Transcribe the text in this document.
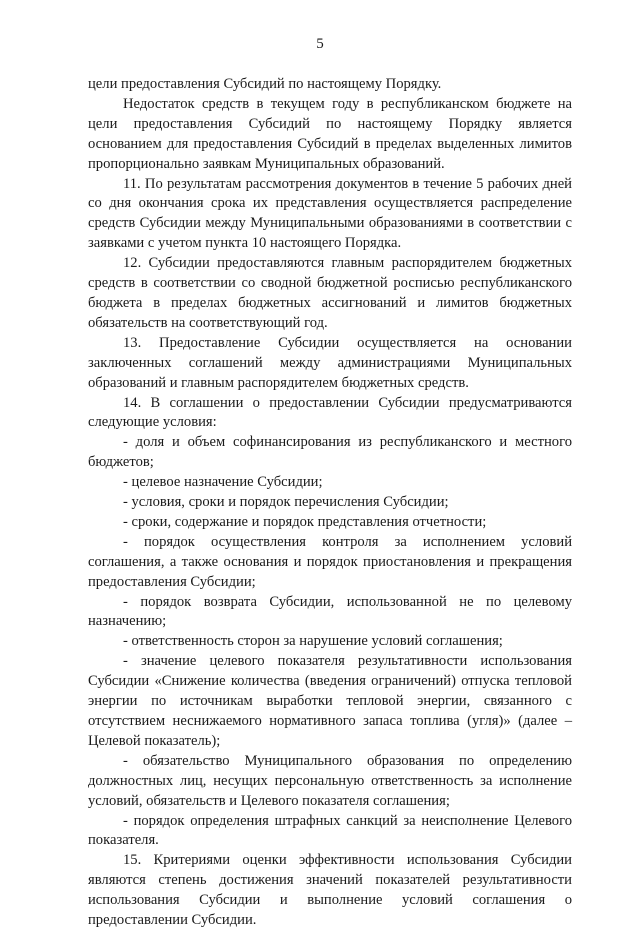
5

цели предоставления Субсидий по настоящему Порядку.

Недостаток средств в текущем году в республиканском бюджете на цели предоставления Субсидий по настоящему Порядку является основанием для предоставления Субсидий в пределах выделенных лимитов пропорционально заявкам Муниципальных образований.

11. По результатам рассмотрения документов в течение 5 рабочих дней со дня окончания срока их представления осуществляется распределение средств Субсидии между Муниципальными образованиями в соответствии с заявками с учетом пункта 10 настоящего Порядка.

12. Субсидии предоставляются главным распорядителем бюджетных средств в соответствии со сводной бюджетной росписью республиканского бюджета в пределах бюджетных ассигнований и лимитов бюджетных обязательств на соответствующий год.

13. Предоставление Субсидии осуществляется на основании заключенных соглашений между администрациями Муниципальных образований и главным распорядителем бюджетных средств.

14. В соглашении о предоставлении Субсидии предусматриваются следующие условия:

- доля и объем софинансирования из республиканского и местного бюджетов;

- целевое назначение Субсидии;

- условия, сроки и порядок перечисления Субсидии;

- сроки, содержание и порядок представления отчетности;

- порядок осуществления контроля за исполнением условий соглашения, а также основания и порядок приостановления и прекращения предоставления Субсидии;

- порядок возврата Субсидии, использованной не по целевому назначению;

- ответственность сторон за нарушение условий соглашения;

- значение целевого показателя результативности использования Субсидии «Снижение количества (введения ограничений) отпуска тепловой энергии по источникам выработки тепловой энергии, связанного с отсутствием неснижаемого нормативного запаса топлива (угля)» (далее – Целевой показатель);

- обязательство Муниципального образования по определению должностных лиц, несущих персональную ответственность за исполнение условий, обязательств и Целевого показателя соглашения;

- порядок определения штрафных санкций за неисполнение Целевого показателя.

15. Критериями оценки эффективности использования Субсидии являются степень достижения значений показателей результативности использования Субсидии и выполнение условий соглашения о предоставлении Субсидии.
